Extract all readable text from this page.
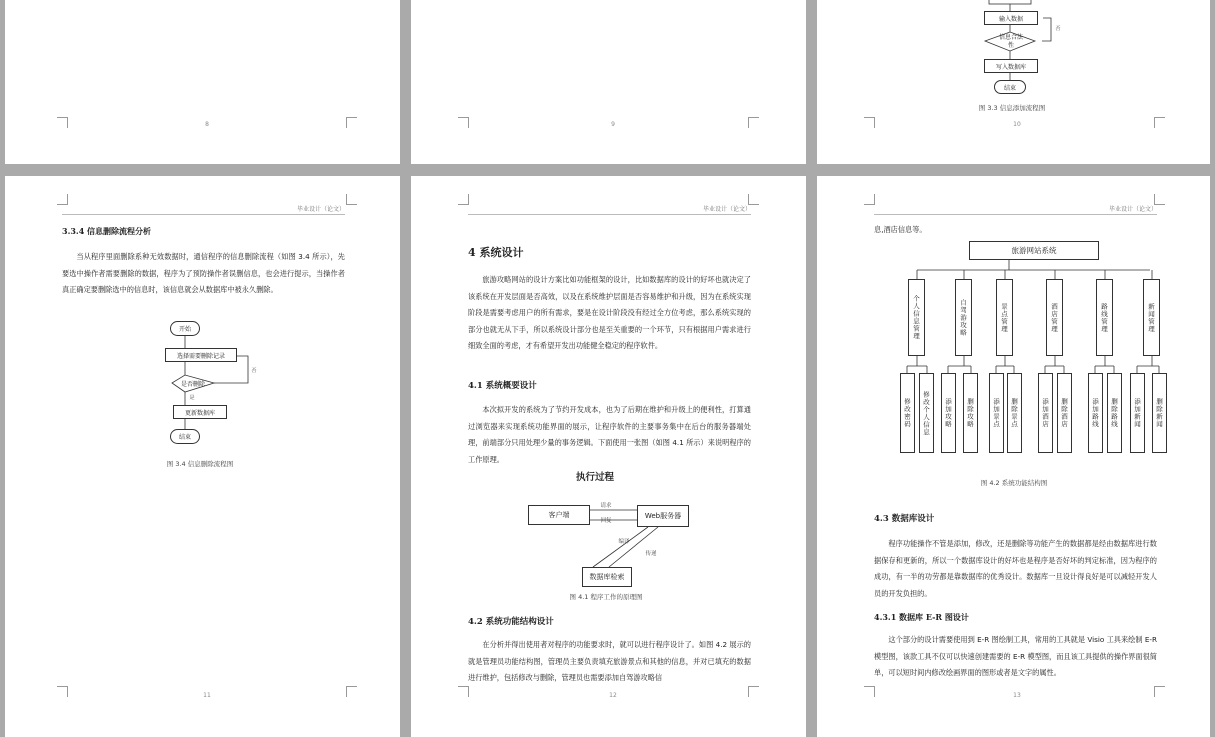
8	9
输入数据
信息合法
性
否
写入数据库
结束
图 3.3 信息添加流程图
10
毕业设计（论文）
3.3.4 信息删除流程分析
当从程序里面删除系种无效数据时，通信程序的信息删除流程（如图 3.4 所示），先要选中操作者需要删除的数据，程序为了预防操作者误删信息，也会进行提示，当操作者真正确定要删除选中的信息时，该信息就会从数据库中被永久删除。
开始
选择需要删除记录
是否删除
否
是
更新数据库
结束
图 3.4 信息删除流程图
11
毕业设计（论文）
4 系统设计
旅游攻略网站的设计方案比如功能框架的设计，比如数据库的设计的好坏也就决定了该系统在开发层面是否高效，以及在系统维护层面是否容易维护和升级，因为在系统实现阶段是需要考虑用户的所有需求，要是在设计阶段没有经过全方位考虑，那么系统实现的部分也就无从下手，所以系统设计部分也是至关重要的一个环节，只有根据用户需求进行细致全面的考虑，才有希望开发出功能健全稳定的程序软件。
4.1 系统概要设计
本次拟开发的系统为了节约开发成本，也为了后期在维护和升级上的便利性，打算通过浏览器来实现系统功能界面的展示，让程序软件的主要事务集中在后台的服务器端处理，前端部分只用处理少量的事务逻辑。下面使用一张图（如图 4.1 所示）来说明程序的工作原理。
执行过程
客户端	Web服务器
数据库检索
请求
回复
编译
传递
图 4.1 程序工作的原理图
4.2 系统功能结构设计
在分析并得出使用者对程序的功能要求时，就可以进行程序设计了。如图 4.2 展示的就是管理员功能结构图，管理员主要负责填充旅游景点和其他的信息，并对已填充的数据进行维护，包括修改与删除，管理员也需要添加自驾游攻略信
12
毕业设计（论文）
息,酒店信息等。
旅游网站系统
个人信息管理	自驾游攻略	景点管理	酒店管理	路线管理	新闻管理
修改密码	修改个人信息	添加攻略	删除攻略	添加景点	删除景点	添加酒店	删除酒店	添加路线	删除路线	添加新闻	删除新闻
图 4.2 系统功能结构图
4.3 数据库设计
程序功能操作不管是添加，修改，还是删除等功能产生的数据都是经由数据库进行数据保存和更新的，所以一个数据库设计的好坏也是程序是否好坏的判定标准，因为程序的成功，有一半的功劳都是靠数据库的优秀设计。数据库一旦设计得良好是可以减轻开发人员的开发负担的。
4.3.1 数据库 E-R 图设计
这个部分的设计需要使用到 E-R 图绘制工具，常用的工具就是 Visio 工具来绘制 E-R 模型图，该款工具不仅可以快速创建需要的 E-R 模型图，而且该工具提供的操作界面很简单，可以短时间内修改绘画界面的图形或者是文字的属性。
13
